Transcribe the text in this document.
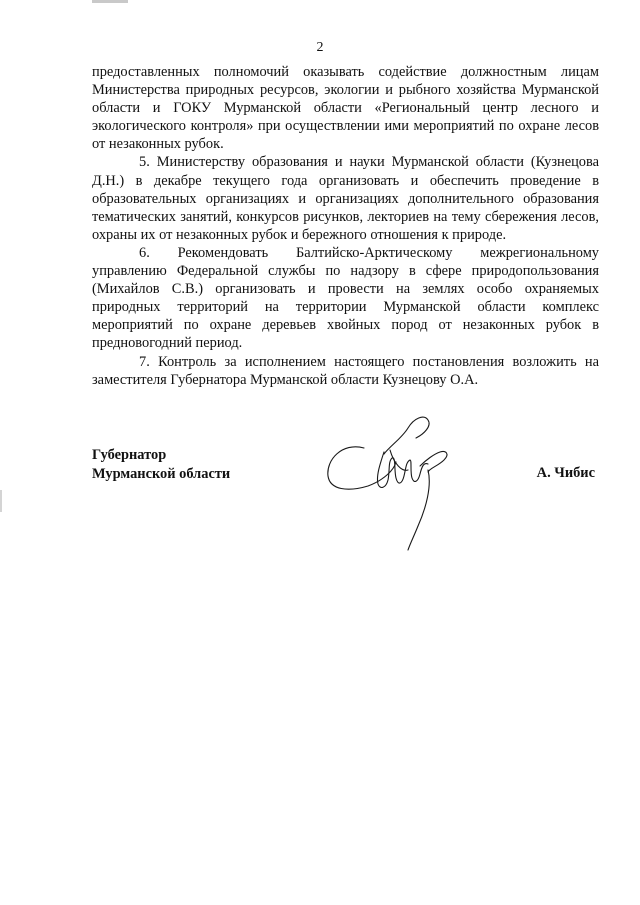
2

предоставленных полномочий оказывать содействие должностным лицам Министерства природных ресурсов, экологии и рыбного хозяйства Мурманской области и ГОКУ Мурманской области «Региональный центр лесного и экологического контроля» при осуществлении ими мероприятий по охране лесов от незаконных рубок.

5. Министерству образования и науки Мурманской области (Кузнецова Д.Н.) в декабре текущего года организовать и обеспечить проведение в образовательных организациях и организациях дополнительного образования тематических занятий, конкурсов рисунков, лекториев на тему сбережения лесов, охраны их от незаконных рубок и бережного отношения к природе.

6. Рекомендовать Балтийско-Арктическому межрегиональному управлению Федеральной службы по надзору в сфере природопользования (Михайлов С.В.) организовать и провести на землях особо охраняемых природных территорий на территории Мурманской области комплекс мероприятий по охране деревьев хвойных пород от незаконных рубок в предновогодний период.

7. Контроль за исполнением настоящего постановления возложить на заместителя Губернатора Мурманской области Кузнецову О.А.

Губернатор
Мурманской области	А. Чибис
